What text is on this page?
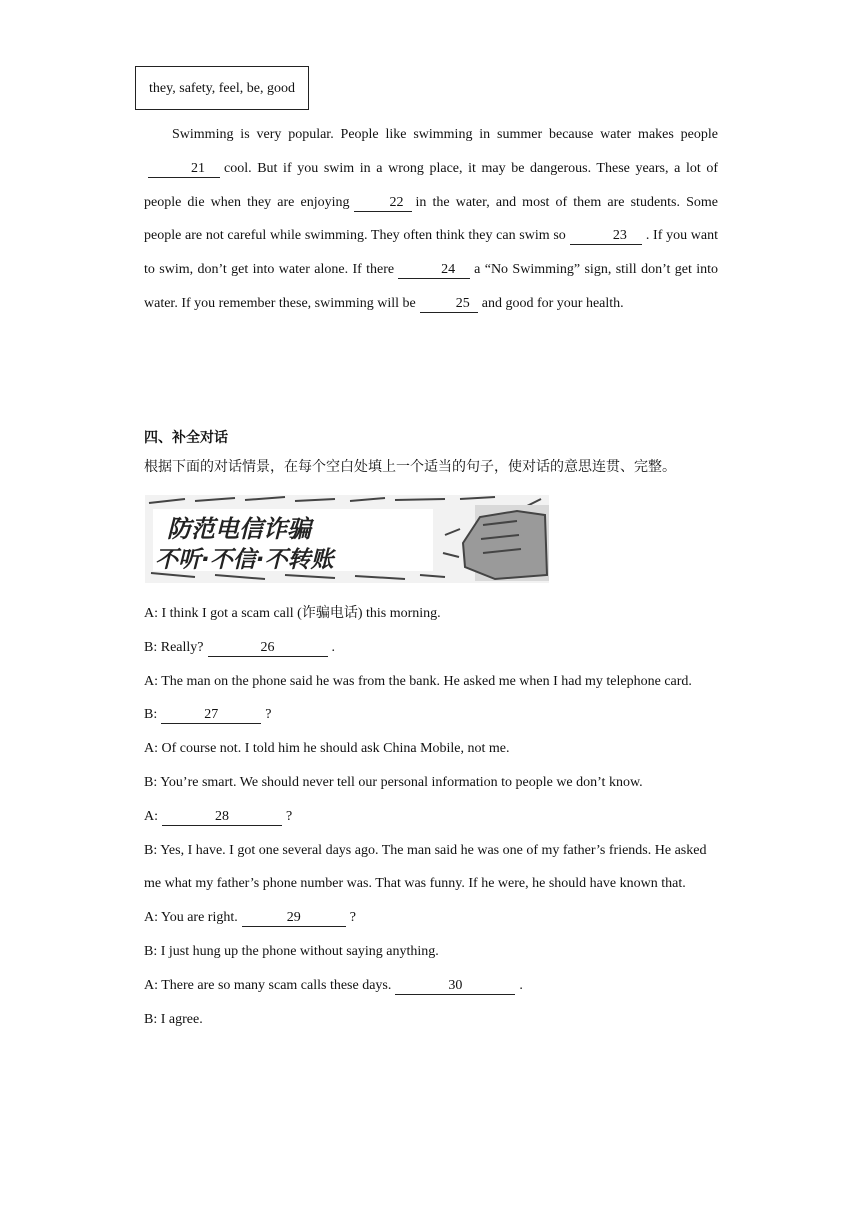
they, safety, feel, be, good

Swimming is very popular. People like swimming in summer because water makes people21 cool. But if you swim in a wrong place, it may be dangerous. These years, a lot of people die when they are enjoying	22 in the water, and most of them are students. Some people are not careful while swimming. They often think they can swim so	23 . If you want to swim, don’t get into water alone. If there	24 a “No Swimming” sign, still don’t get into water. If you remember these, swimming will be	25 and good for your health.

四、补全对话
根据下面的对话情景，在每个空白处填上一个适当的句子，使对话的意思连贯、完整。
防范电信诈骗
不听·不信·不转账

A: I think I got a scam call (诈骗电话) this morning.

B: Really?	26	.

A: The man on the phone said he was from the bank. He asked me when I had my telephone card.

B:	27	?

A: Of course not. I told him he should ask China Mobile, not me.

B: You’re smart. We should never tell our personal information to people we don’t know.

A:	28	?

B: Yes, I have. I got one several days ago. The man said he was one of my father’s friends. He asked me what my father’s phone number was. That was funny. If he were, he should have known that.

A: You are right.	29	?

B: I just hung up the phone without saying anything.

A: There are so many scam calls these days.	30	.

B: I agree.
